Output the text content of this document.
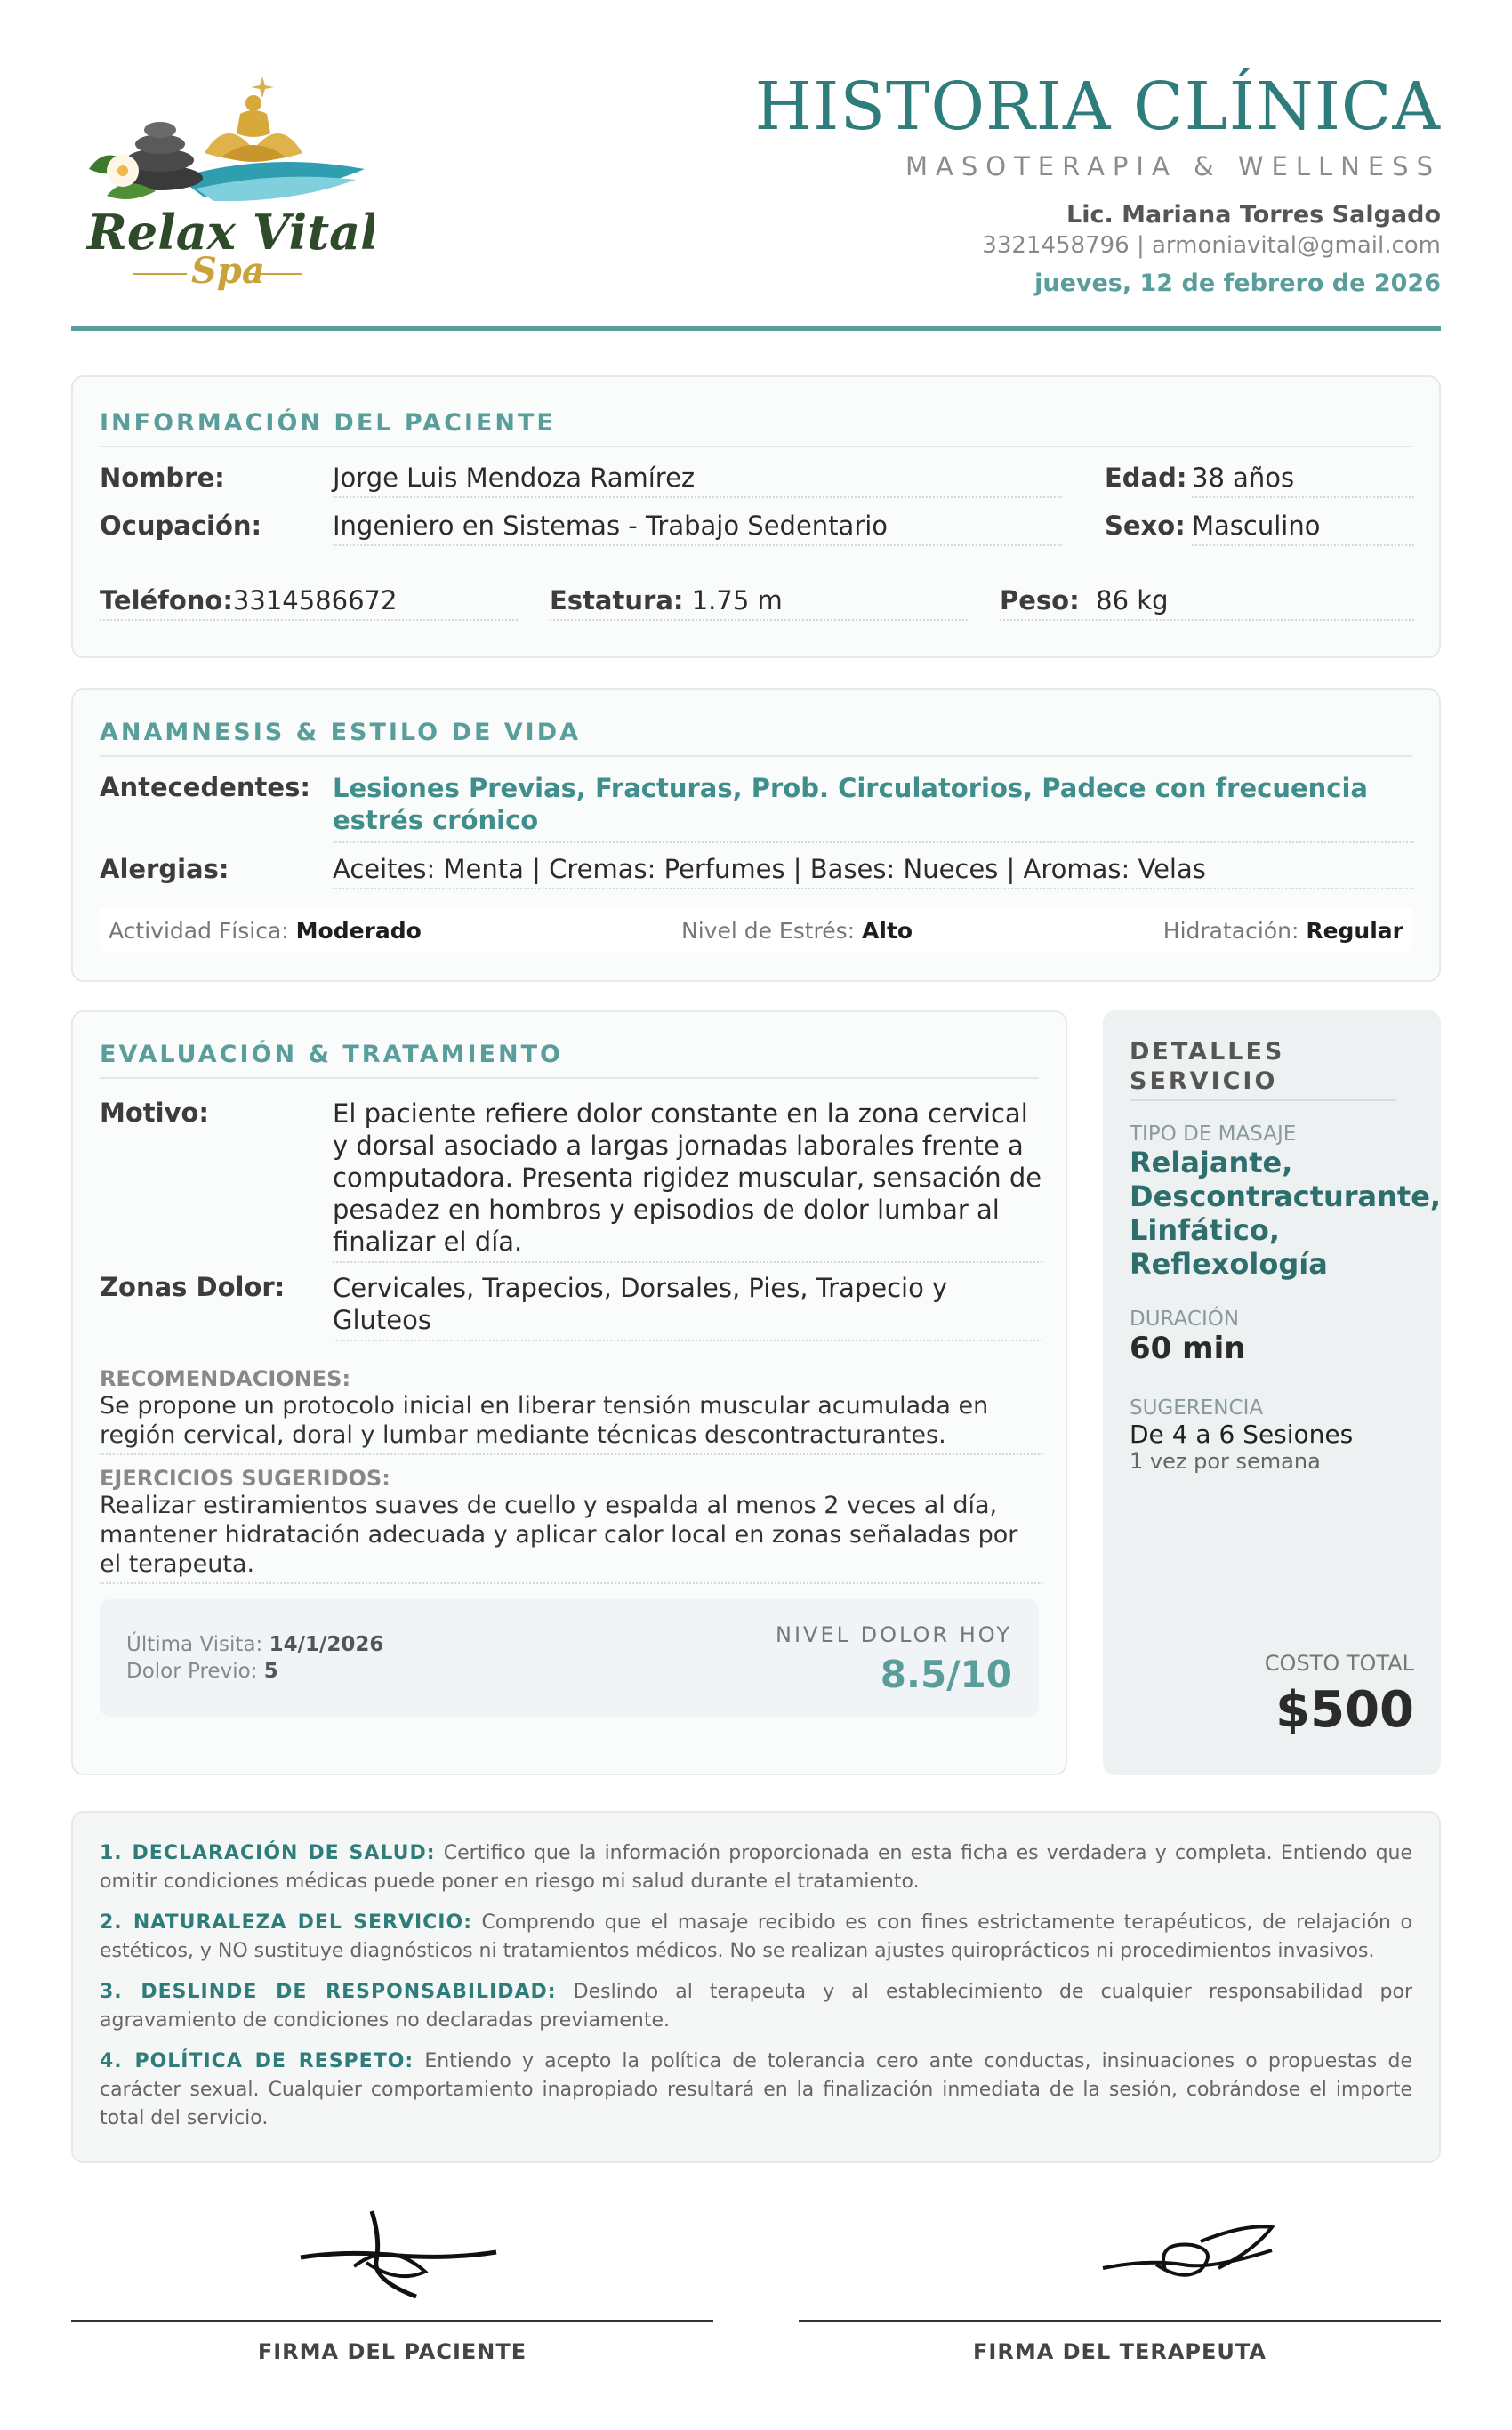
Relax Vital
Spa
HISTORIA CLÍNICA
MASOTERAPIA & WELLNESS
Lic. Mariana Torres Salgado
3321458796 | armoniavital@gmail.com
jueves, 12 de febrero de 2026
INFORMACIÓN DEL PACIENTE
Nombre:	Jorge Luis Mendoza Ramírez	Edad: 38 años
Ocupación:	Ingeniero en Sistemas - Trabajo Sedentario	Sexo: Masculino
Teléfono:3314586672	Estatura: 1.75 m	Peso: 86 kg
ANAMNESIS & ESTILO DE VIDA
Antecedentes: Lesiones Previas, Fracturas, Prob. Circulatorios, Padece con frecuencia estrés crónico
Alergias:	Aceites: Menta | Cremas: Perfumes | Bases: Nueces | Aromas: Velas
Actividad Física: Moderado	Nivel de Estrés: Alto	Hidratación: Regular
EVALUACIÓN & TRATAMIENTO
Motivo:	El paciente refiere dolor constante en la zona cervical y dorsal asociado a largas jornadas laborales frente a computadora. Presenta rigidez muscular, sensación de pesadez en hombros y episodios de dolor lumbar al finalizar el día.
Zonas Dolor: Cervicales, Trapecios, Dorsales, Pies, Trapecio y Gluteos
RECOMENDACIONES:
Se propone un protocolo inicial en liberar tensión muscular acumulada en región cervical, doral y lumbar mediante técnicas descontracturantes.
EJERCICIOS SUGERIDOS:
Realizar estiramientos suaves de cuello y espalda al menos 2 veces al día, mantener hidratación adecuada y aplicar calor local en zonas señaladas por el terapeuta.
Última Visita: 14/1/2026
Dolor Previo: 5
NIVEL DOLOR HOY
8.5/10
DETALLES SERVICIO
TIPO DE MASAJE
Relajante, Descontracturante, Linfático, Reflexología
DURACIÓN
60 min
SUGERENCIA
De 4 a 6 Sesiones
1 vez por semana
COSTO TOTAL
$500

1. DECLARACIÓN DE SALUD: Certifico que la información proporcionada en esta ficha es verdadera y completa. Entiendo que omitir condiciones médicas puede poner en riesgo mi salud durante el tratamiento.

2. NATURALEZA DEL SERVICIO: Comprendo que el masaje recibido es con fines estrictamente terapéuticos, de relajación o estéticos, y NO sustituye diagnósticos ni tratamientos médicos. No se realizan ajustes quiroprácticos ni procedimientos invasivos.

3. DESLINDE DE RESPONSABILIDAD: Deslindo al terapeuta y al establecimiento de cualquier responsabilidad por agravamiento de condiciones no declaradas previamente.

4. POLÍTICA DE RESPETO: Entiendo y acepto la política de tolerancia cero ante conductas, insinuaciones o propuestas de carácter sexual. Cualquier comportamiento inapropiado resultará en la finalización inmediata de la sesión, cobrándose el importe total del servicio.

FIRMA DEL PACIENTE	FIRMA DEL TERAPEUTA
